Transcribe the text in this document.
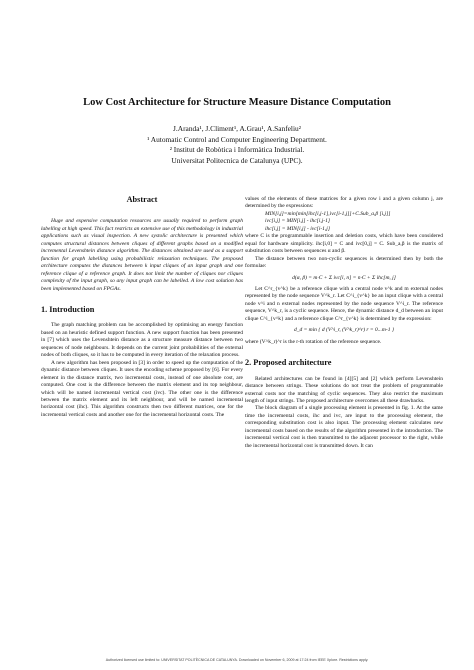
Low Cost Architecture for Structure Measure Distance Computation
J.Aranda¹, J.Climent¹, A.Grau¹, A.Sanfeliu²
¹ Automatic Control and Computer Engineering Department.
² Institut de Robòtica i Informàtica Industrial.
Universitat Politecnica de Catalunya (UPC).

Abstract

Huge and expensive computation resources are usually required to perform graph labelling at high speed. This fact restricts an extensive use of this methodology in industrial applications such as visual inspection. A new systolic architecture is presented which computes structural distances between cliques of different graphs based on a modified incremental Levenshtein distance algorithm. The distances obtained are used as a support function for graph labelling using probabilistic relaxation techniques. The proposed architecture computes the distances between k input cliques of an input graph and one reference clique of a reference graph. It does not limit the number of cliques nor cliques complexity of the input graph, so any input graph can be labelled. A low cost solution has been implemented based on FPGAs.

1. Introduction

The graph matching problem can be accomplished by optimising an energy function based on an heuristic defined support function. A new support function has been presented in [7] which uses the Levenshtein distance as a structure measure distance between two sequences of node neighbours. It depends on the current joint probabilities of the external nodes of both cliques, so it has to be computed in every iteration of the relaxation process.

A new algorithm has been proposed in [3] in order to speed up the computation of the dynamic distance between cliques. It uses the encoding scheme proposed by [6]. For every element in the distance matrix, two incremental costs, instead of one absolute cost, are computed. One cost is the difference between the matrix element and its top neighbour, which will be named incremental vertical cost (ivc). The other one is the difference between the matrix element and its left neighbour, and will be named incremental horizontal cost (ihc). This algorithm constructs then two different matrices, one for the incremental vertical costs and another one for the incremental horizontal costs. The

values of the elements of these matrices for a given row i and a given column j, are determined by the expressions:

MIN[i,j]=min[min[ihc[i,j-1],ivc[i-1,j]]+C.Sub_a,β [i,j]]

ivc[i,j] = MIN[i,j] - ihc[i,j-1]

ihc[i,j] = MIN[i,j] - ivc[i-1,j]

where C is the programmable insertion and deletion costs, which have been considered equal for hardware simplicity. ihc[i,0] = C and ivc[0,j] = C. Sub_a,β is the matrix of substitution costs between sequences α and β.

The distance between two non-cyclic sequences is determined then by both the formulae:

d(α, β) = m·C + Σ ivc[i, n] = n·C + Σ ihc[m, j]

Let C^r_{v^k} be a reference clique with a central node v^k and m external nodes represented by the node sequence V^k_r. Let C^i_{v^k} be an input clique with a central node v^i and n external nodes represented by the node sequence V^i_r. The reference sequence, V^k_r, is a cyclic sequence. Hence, the dynamic distance d_d between an input clique C^i_{v^k} and a reference clique C^r_{v^k} is determined by the expression:

d_d = min { d (V^i_r, (V^k_r)^r) r = 0...m-1 }

where (V^k_r)^r is the r-th rotation of the reference sequence.

2. Proposed architecture

Related architectures can be found in [4][5] and [2] which perform Levenshtein distance between strings. These solutions do not treat the problem of programmable external costs nor the matching of cyclic sequences. They also restrict the maximum length of input strings. The proposed architecture overcomes all these drawbacks.

The block diagram of a single processing element is presented in fig. 1. At the same time the incremental costs, ihc and ivc, are input to the processing element, the corresponding substitution cost is also input. The processing element calculates new incremental costs based on the results of the algorithm presented in the introduction. The incremental vertical cost is then transmitted to the adjacent processor to the right, while the incremental horizontal cost is transmitted down. It can

Authorized licensed use limited to: UNIVERSITAT POLITÈCNICA DE CATALUNYA. Downloaded on November 6, 2009 at 17:24 from IEEE Xplore. Restrictions apply.
